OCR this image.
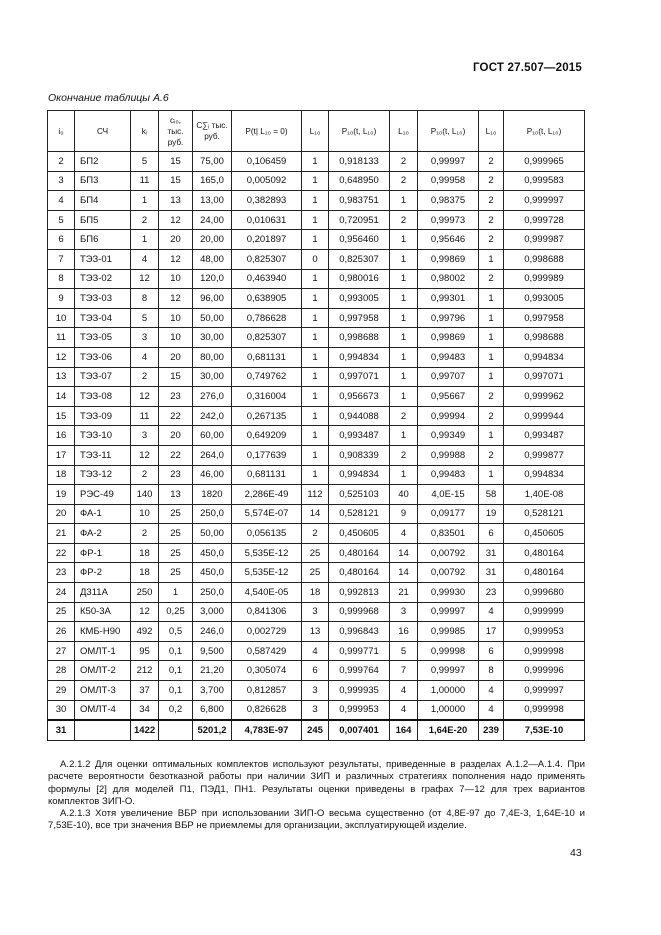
ГОСТ 27.507—2015
Окончание таблицы А.6
i₀	СЧ	kᵢ	cᵢ₀, тыс. руб.	C∑ᵢ тыс. руб.	P(t| L₁₀ = 0)	L₁₀	P₁₀(t, L₁₀)	L₁₀	P₁₀(t, L₁₀)	L₁₀	P₁₀(t, L₁₀)
2	БП2	5	15	75,00	0,106459	1	0,918133	2	0,99997	2	0,999965
3	БП3	11	15	165,0	0,005092	1	0,648950	2	0,99958	2	0,999583
4	БП4	1	13	13,00	0,382893	1	0,983751	1	0,98375	2	0,999997
5	БП5	2	12	24,00	0,010631	1	0,720951	2	0,99973	2	0,999728
6	БП6	1	20	20,00	0,201897	1	0,956460	1	0,95646	2	0,999987
7	ТЭЗ-01	4	12	48,00	0,825307	0	0,825307	1	0,99869	1	0,998688
8	ТЭЗ-02	12	10	120,0	0,463940	1	0,980016	1	0,98002	2	0,999989
9	ТЭЗ-03	8	12	96,00	0,638905	1	0,993005	1	0,99301	1	0,993005
10	ТЭЗ-04	5	10	50,00	0,786628	1	0,997958	1	0,99796	1	0,997958
11	ТЭЗ-05	3	10	30,00	0,825307	1	0,998688	1	0,99869	1	0,998688
12	ТЭЗ-06	4	20	80,00	0,681131	1	0,994834	1	0,99483	1	0,994834
13	ТЭЗ-07	2	15	30,00	0,749762	1	0,997071	1	0,99707	1	0,997071
14	ТЭЗ-08	12	23	276,0	0,316004	1	0,956673	1	0,95667	2	0,999962
15	ТЭЗ-09	11	22	242,0	0,267135	1	0,944088	2	0,99994	2	0,999944
16	ТЭЗ-10	3	20	60,00	0,649209	1	0,993487	1	0,99349	1	0,993487
17	ТЭЗ-11	12	22	264,0	0,177639	1	0,908339	2	0,99988	2	0,999877
18	ТЭЗ-12	2	23	46,00	0,681131	1	0,994834	1	0,99483	1	0,994834
19	РЭС-49	140	13	1820	2,286E-49	112	0,525103	40	4,0E-15	58	1,40E-08
20	ФА-1	10	25	250,0	5,574E-07	14	0,528121	9	0,09177	19	0,528121
21	ФА-2	2	25	50,00	0,056135	2	0,450605	4	0,83501	6	0,450605
22	ФР-1	18	25	450,0	5,535E-12	25	0,480164	14	0,00792	31	0,480164
23	ФР-2	18	25	450,0	5,535E-12	25	0,480164	14	0,00792	31	0,480164
24	Д311А	250	1	250,0	4,540E-05	18	0,992813	21	0,99930	23	0,999680
25	К50-3А	12	0,25	3,000	0,841306	3	0,999968	3	0,99997	4	0,999999
26	КМБ-Н90	492	0,5	246,0	0,002729	13	0,996843	16	0,99985	17	0,999953
27	ОМЛТ-1	95	0,1	9,500	0,587429	4	0,999771	5	0,99998	6	0,999998
28	ОМЛТ-2	212	0,1	21,20	0,305074	6	0,999764	7	0,99997	8	0,999996
29	ОМЛТ-3	37	0,1	3,700	0,812857	3	0,999935	4	1,00000	4	0,999997
30	ОМЛТ-4	34	0,2	6,800	0,826628	3	0,999953	4	1,00000	4	0,999998
31		1422		5201,2	4,783E-97	245	0,007401	164	1,64E-20	239	7,53E-10

А.2.1.2 Для оценки оптимальных комплектов используют результаты, приведенные в разделах А.1.2—А.1.4. При расчете вероятности безотказной работы при наличии ЗИП и различных стратегиях пополнения надо применять формулы [2] для моделей П1, ПЭД1, ПН1. Результаты оценки приведены в графах 7—12 для трех вариантов комплектов ЗИП-О.

А.2.1.3 Хотя увеличение ВБР при использовании ЗИП-О весьма существенно (от 4,8E-97 до 7,4E-3, 1,64E-10 и 7,53E-10), все три значения ВБР не приемлемы для организации, эксплуатирующей изделие.

43
